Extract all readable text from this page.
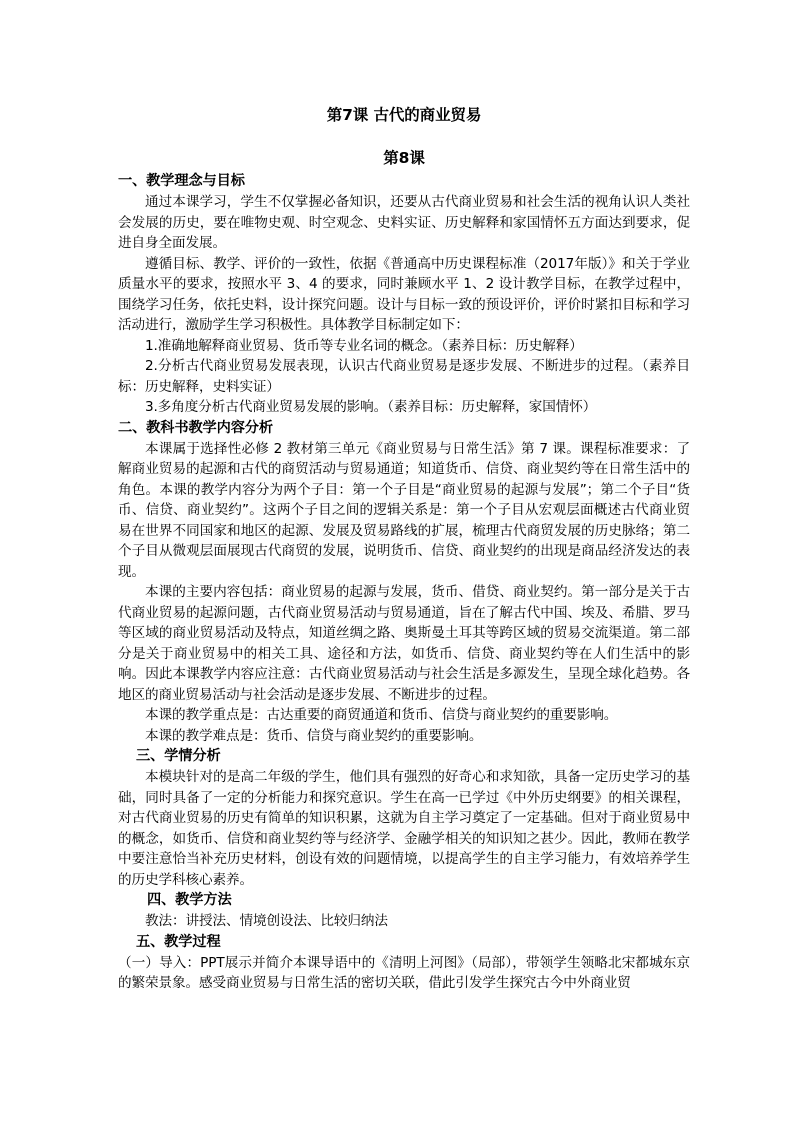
第7课 古代的商业贸易
第8课
一、教学理念与目标
通过本课学习，学生不仅掌握必备知识，还要从古代商业贸易和社会生活的视角认识人类社会发展的历史，要在唯物史观、时空观念、史料实证、历史解释和家国情怀五方面达到要求，促进自身全面发展。
遵循目标、教学、评价的一致性，依据《普通高中历史课程标准（2017年版）》和关于学业质量水平的要求，按照水平 3、4 的要求，同时兼顾水平 1、2 设计教学目标，在教学过程中，围绕学习任务，依托史料，设计探究问题。设计与目标一致的预设评价，评价时紧扣目标和学习活动进行，激励学生学习积极性。具体教学目标制定如下：
1.准确地解释商业贸易、货币等专业名词的概念。（素养目标：历史解释）
2.分析古代商业贸易发展表现，认识古代商业贸易是逐步发展、不断进步的过程。（素养目标：历史解释，史料实证）
3.多角度分析古代商业贸易发展的影响。（素养目标：历史解释，家国情怀）
二、教科书教学内容分析
本课属于选择性必修 2 教材第三单元《商业贸易与日常生活》第 7 课。课程标准要求：了解商业贸易的起源和古代的商贸活动与贸易通道；知道货币、信贷、商业契约等在日常生活中的角色。本课的教学内容分为两个子目：第一个子目是“商业贸易的起源与发展”；第二个子目“货币、信贷、商业契约”。这两个子目之间的逻辑关系是：第一个子目从宏观层面概述古代商业贸易在世界不同国家和地区的起源、发展及贸易路线的扩展，梳理古代商贸发展的历史脉络；第二个子目从微观层面展现古代商贸的发展，说明货币、信贷、商业契约的出现是商品经济发达的表现。
本课的主要内容包括：商业贸易的起源与发展，货币、借贷、商业契约。第一部分是关于古代商业贸易的起源问题，古代商业贸易活动与贸易通道，旨在了解古代中国、埃及、希腊、罗马等区域的商业贸易活动及特点，知道丝绸之路、奥斯曼土耳其等跨区域的贸易交流渠道。第二部分是关于商业贸易中的相关工具、途径和方法，如货币、信贷、商业契约等在人们生活中的影响。因此本课教学内容应注意：古代商业贸易活动与社会生活是多源发生，呈现全球化趋势。各地区的商业贸易活动与社会活动是逐步发展、不断进步的过程。
本课的教学重点是：古达重要的商贸通道和货币、信贷与商业契约的重要影响。
本课的教学难点是：货币、信贷与商业契约的重要影响。
三、学情分析
本模块针对的是高二年级的学生，他们具有强烈的好奇心和求知欲，具备一定历史学习的基础，同时具备了一定的分析能力和探究意识。学生在高一已学过《中外历史纲要》的相关课程，对古代商业贸易的历史有简单的知识积累，这就为自主学习奠定了一定基础。但对于商业贸易中的概念，如货币、信贷和商业契约等与经济学、金融学相关的知识知之甚少。因此，教师在教学中要注意恰当补充历史材料，创设有效的问题情境，以提高学生的自主学习能力，有效培养学生的历史学科核心素养。
四、教学方法
教法：讲授法、情境创设法、比较归纳法
五、教学过程
（一）导入：PPT展示并简介本课导语中的《清明上河图》（局部），带领学生领略北宋都城东京的繁荣景象。感受商业贸易与日常生活的密切关联，借此引发学生探究古今中外商业贸
